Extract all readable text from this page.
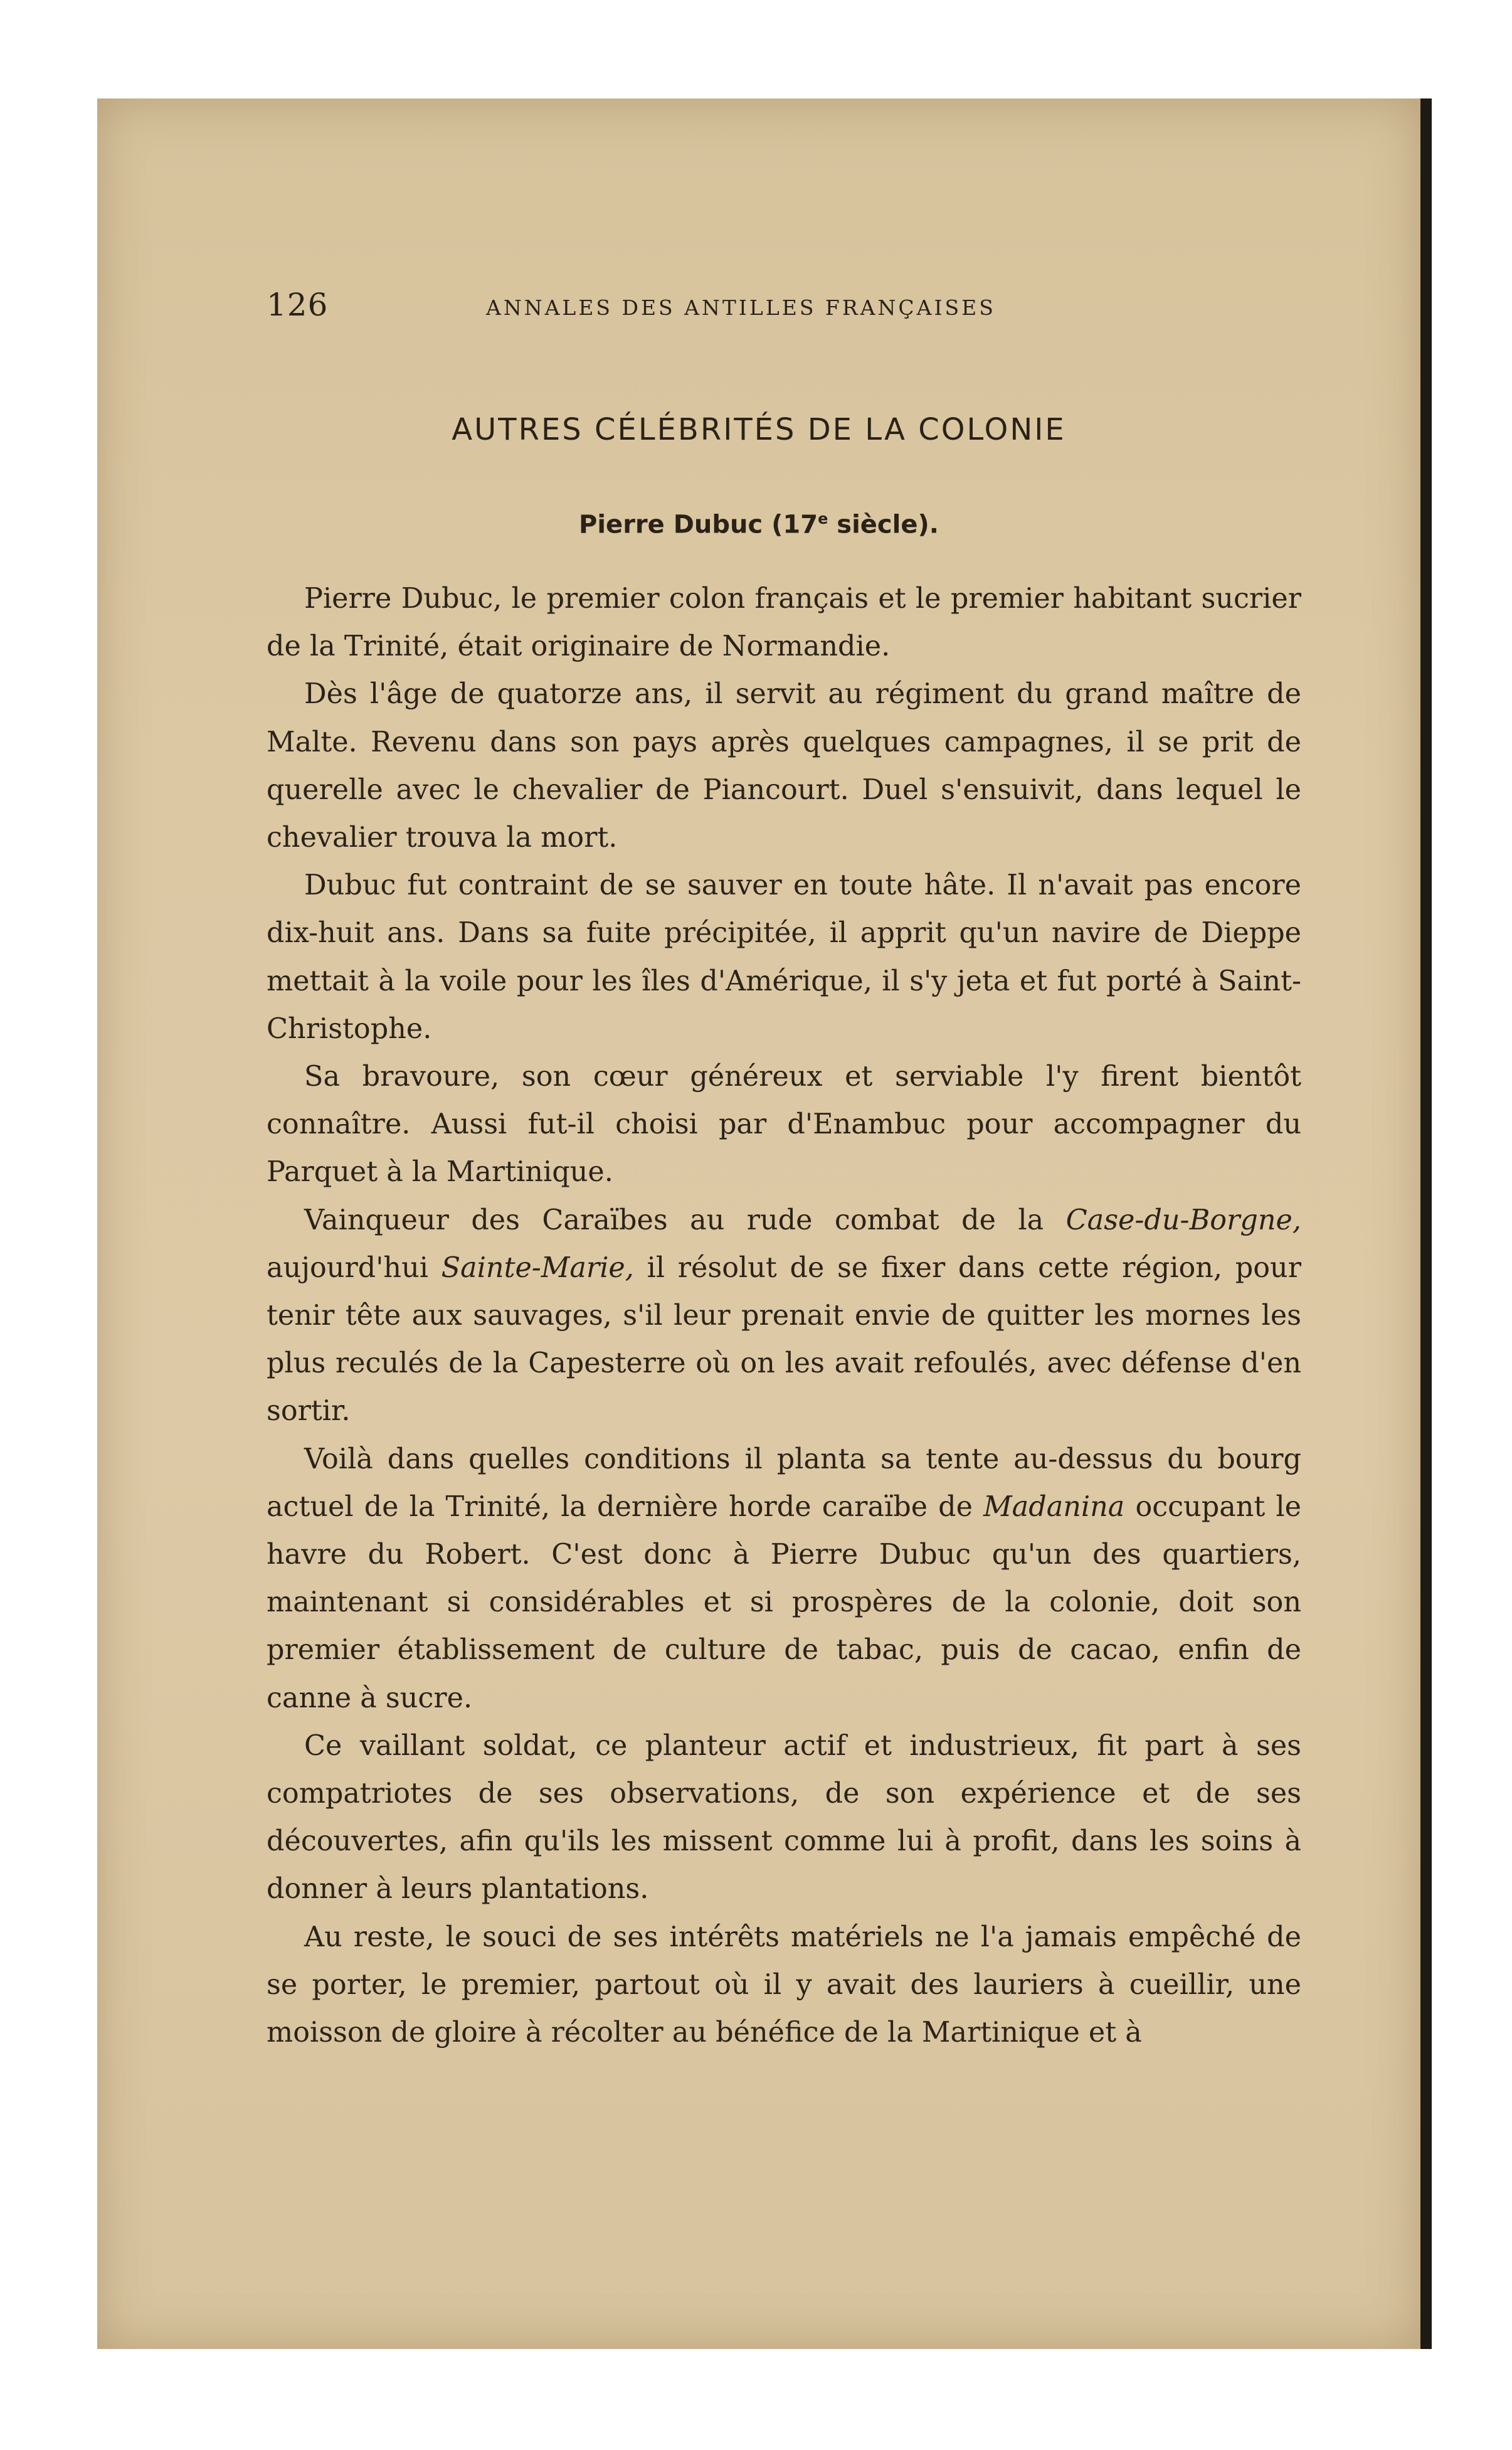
126	ANNALES DES ANTILLES FRANÇAISES
AUTRES CÉLÉBRITÉS DE LA COLONIE
Pierre Dubuc (17e siècle).

Pierre Dubuc, le premier colon français et le premier habitant sucrier de la Trinité, était originaire de Normandie.

Dès l'âge de quatorze ans, il servit au régiment du grand maître de Malte. Revenu dans son pays après quelques campagnes, il se prit de querelle avec le chevalier de Piancourt. Duel s'ensuivit, dans lequel le chevalier trouva la mort.

Dubuc fut contraint de se sauver en toute hâte. Il n'avait pas encore dix-huit ans. Dans sa fuite précipitée, il apprit qu'un navire de Dieppe mettait à la voile pour les îles d'Amérique, il s'y jeta et fut porté à Saint-Christophe.

Sa bravoure, son cœur généreux et serviable l'y firent bientôt connaître. Aussi fut-il choisi par d'Enambuc pour accompagner du Parquet à la Martinique.

Vainqueur des Caraïbes au rude combat de la Case-du-Borgne, aujourd'hui Sainte-Marie, il résolut de se fixer dans cette région, pour tenir tête aux sauvages, s'il leur prenait envie de quitter les mornes les plus reculés de la Capesterre où on les avait refoulés, avec défense d'en sortir.

Voilà dans quelles conditions il planta sa tente au-dessus du bourg actuel de la Trinité, la dernière horde caraïbe de Madanina occupant le havre du Robert. C'est donc à Pierre Dubuc qu'un des quartiers, maintenant si considérables et si prospères de la colonie, doit son premier établissement de culture de tabac, puis de cacao, enfin de canne à sucre.

Ce vaillant soldat, ce planteur actif et industrieux, fit part à ses compatriotes de ses observations, de son expérience et de ses découvertes, afin qu'ils les missent comme lui à profit, dans les soins à donner à leurs plantations.

Au reste, le souci de ses intérêts matériels ne l'a jamais empêché de se porter, le premier, partout où il y avait des lauriers à cueillir, une moisson de gloire à récolter au bénéfice de la Martinique et à
